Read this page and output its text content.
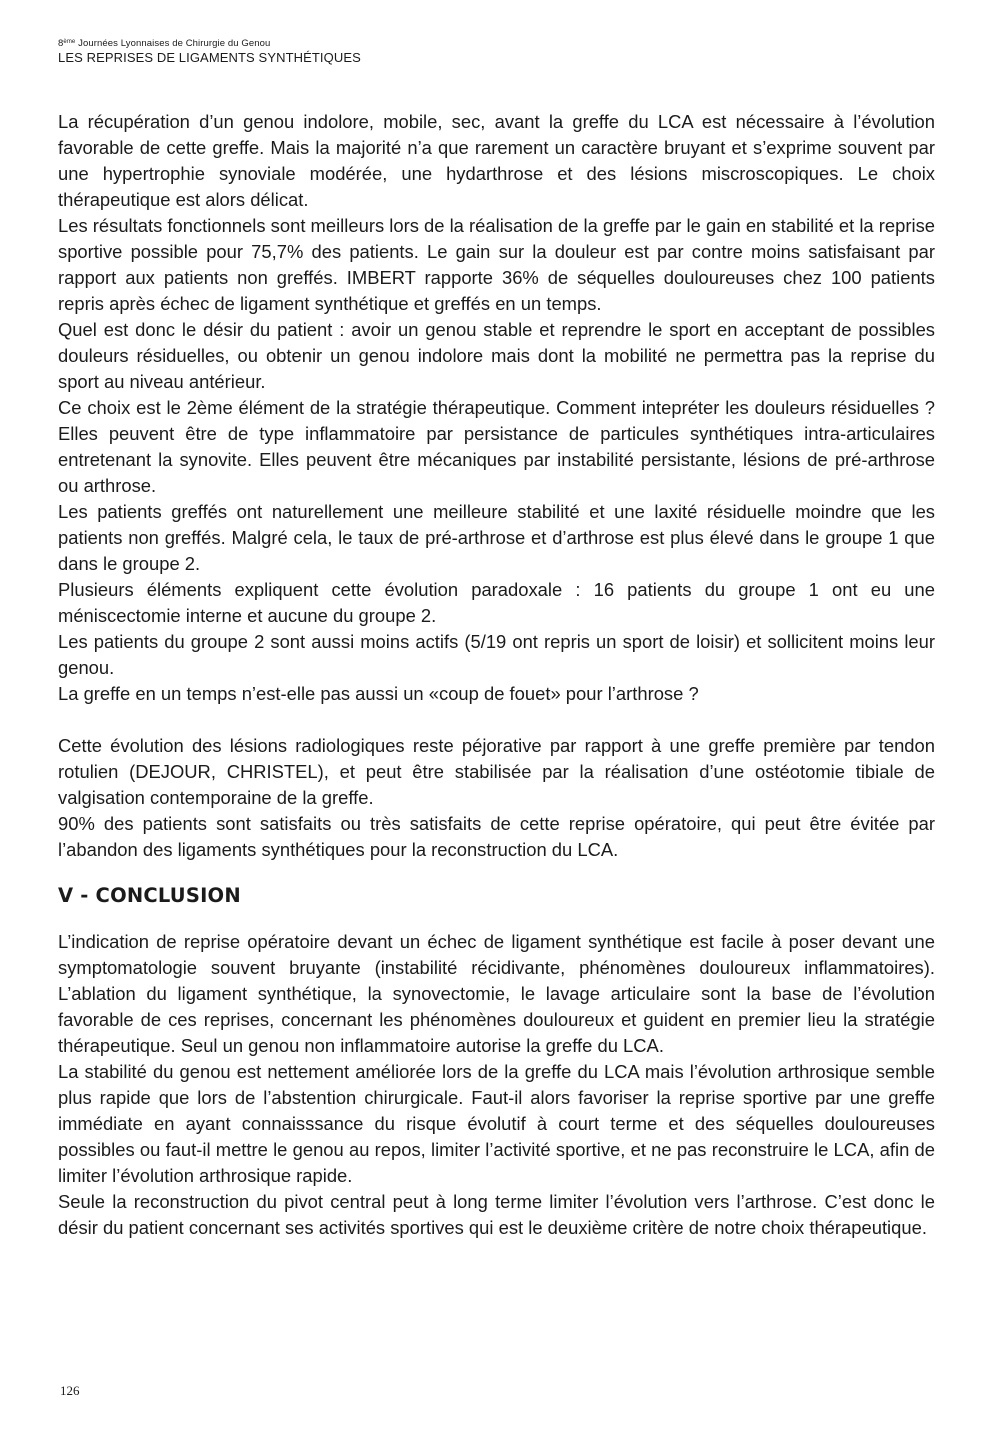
8ème Journées Lyonnaises de Chirurgie du Genou
LES REPRISES DE LIGAMENTS SYNTHÉTIQUES

La récupération d’un genou indolore, mobile, sec, avant la greffe du LCA est nécessaire à l’évolution favorable de cette greffe. Mais la majorité n’a que rarement un caractère bruyant et s’exprime souvent par une hypertrophie synoviale modérée, une hydarthrose et des lésions miscroscopiques. Le choix thérapeutique est alors délicat.

Les résultats fonctionnels sont meilleurs lors de la réalisation de la greffe par le gain en stabilité et la reprise sportive possible pour 75,7% des patients. Le gain sur la douleur est par contre moins satisfaisant par rapport aux patients non greffés. IMBERT rapporte 36% de séquelles douloureuses chez 100 patients repris après échec de ligament synthétique et greffés en un temps.

Quel est donc le désir du patient : avoir un genou stable et reprendre le sport en acceptant de possibles douleurs résiduelles, ou obtenir un genou indolore mais dont la mobilité ne permettra pas la reprise du sport au niveau antérieur.

Ce choix est le 2ème élément de la stratégie thérapeutique. Comment intepréter les douleurs résiduelles ? Elles peuvent être de type inflammatoire par persistance de particules synthétiques intra-articulaires entretenant la synovite. Elles peuvent être mécaniques par instabilité persistante, lésions de pré-arthrose ou arthrose.

Les patients greffés ont naturellement une meilleure stabilité et une laxité résiduelle moindre que les patients non greffés. Malgré cela, le taux de pré-arthrose et d’arthrose est plus élevé dans le groupe 1 que dans le groupe 2.

Plusieurs éléments expliquent cette évolution paradoxale : 16 patients du groupe 1 ont eu une méniscectomie interne et aucune du groupe 2.

Les patients du groupe 2 sont aussi moins actifs (5/19 ont repris un sport de loisir) et sollicitent moins leur genou.

La greffe en un temps n’est-elle pas aussi un «coup de fouet» pour l’arthrose ?

Cette évolution des lésions radiologiques reste péjorative par rapport à une greffe première par tendon rotulien (DEJOUR, CHRISTEL), et peut être stabilisée par la réalisation d’une ostéotomie tibiale de valgisation contemporaine de la greffe.

90% des patients sont satisfaits ou très satisfaits de cette reprise opératoire, qui peut être évitée par l’abandon des ligaments synthétiques pour la reconstruction du LCA.

V - CONCLUSION

L’indication de reprise opératoire devant un échec de ligament synthétique est facile à poser devant une symptomatologie souvent bruyante (instabilité récidivante, phénomènes douloureux inflammatoires). L’ablation du ligament synthétique, la synovectomie, le lavage articulaire sont la base de l’évolution favorable de ces reprises, concernant les phénomènes douloureux et guident en premier lieu la stratégie thérapeutique. Seul un genou non inflammatoire autorise la greffe du LCA.

La stabilité du genou est nettement améliorée lors de la greffe du LCA mais l’évolution arthrosique semble plus rapide que lors de l’abstention chirurgicale. Faut-il alors favoriser la reprise sportive par une greffe immédiate en ayant connaisssance du risque évolutif à court terme et des séquelles douloureuses possibles ou faut-il mettre le genou au repos, limiter l’activité sportive, et ne pas reconstruire le LCA, afin de limiter l’évolution arthrosique rapide.

Seule la reconstruction du pivot central peut à long terme limiter l’évolution vers l’arthrose. C’est donc le désir du patient concernant ses activités sportives qui est le deuxième critère de notre choix thérapeutique.

126
